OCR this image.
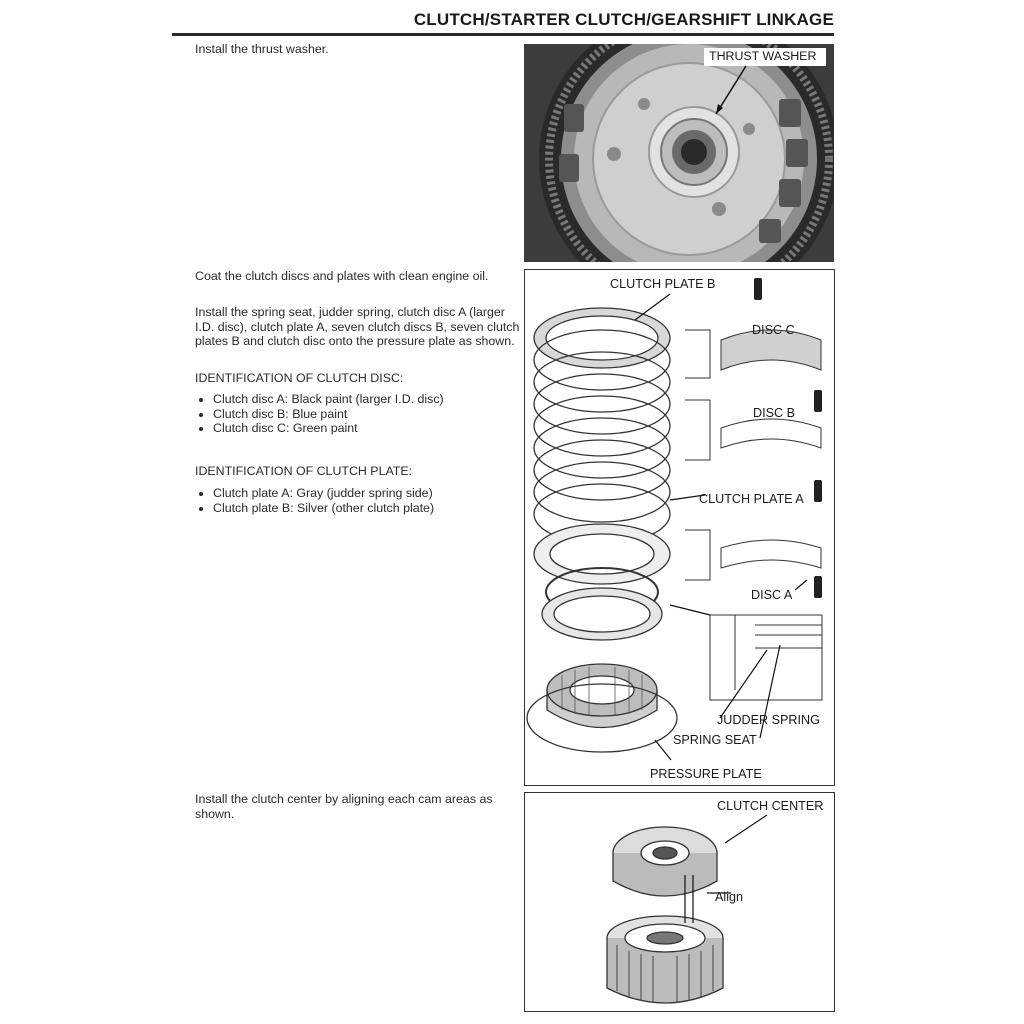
CLUTCH/STARTER CLUTCH/GEARSHIFT LINKAGE
Install the thrust washer.	THRUST WASHER
Coat the clutch discs and plates with clean engine oil.
Install the spring seat, judder spring, clutch disc A (larger I.D. disc), clutch plate A, seven clutch discs B, seven clutch plates B and clutch disc onto the pressure plate as shown.
IDENTIFICATION OF CLUTCH DISC:
• Clutch disc A: Black paint (larger I.D. disc)
• Clutch disc B: Blue paint
• Clutch disc C: Green paint
IDENTIFICATION OF CLUTCH PLATE:
• Clutch plate A: Gray (judder spring side)
• Clutch plate B: Silver (other clutch plate)
CLUTCH PLATE B
DISC C
DISC B
CLUTCH PLATE A
DISC A
JUDDER SPRING
SPRING SEAT
PRESSURE PLATE
Install the clutch center by aligning each cam areas as shown.
CLUTCH CENTER
Align
